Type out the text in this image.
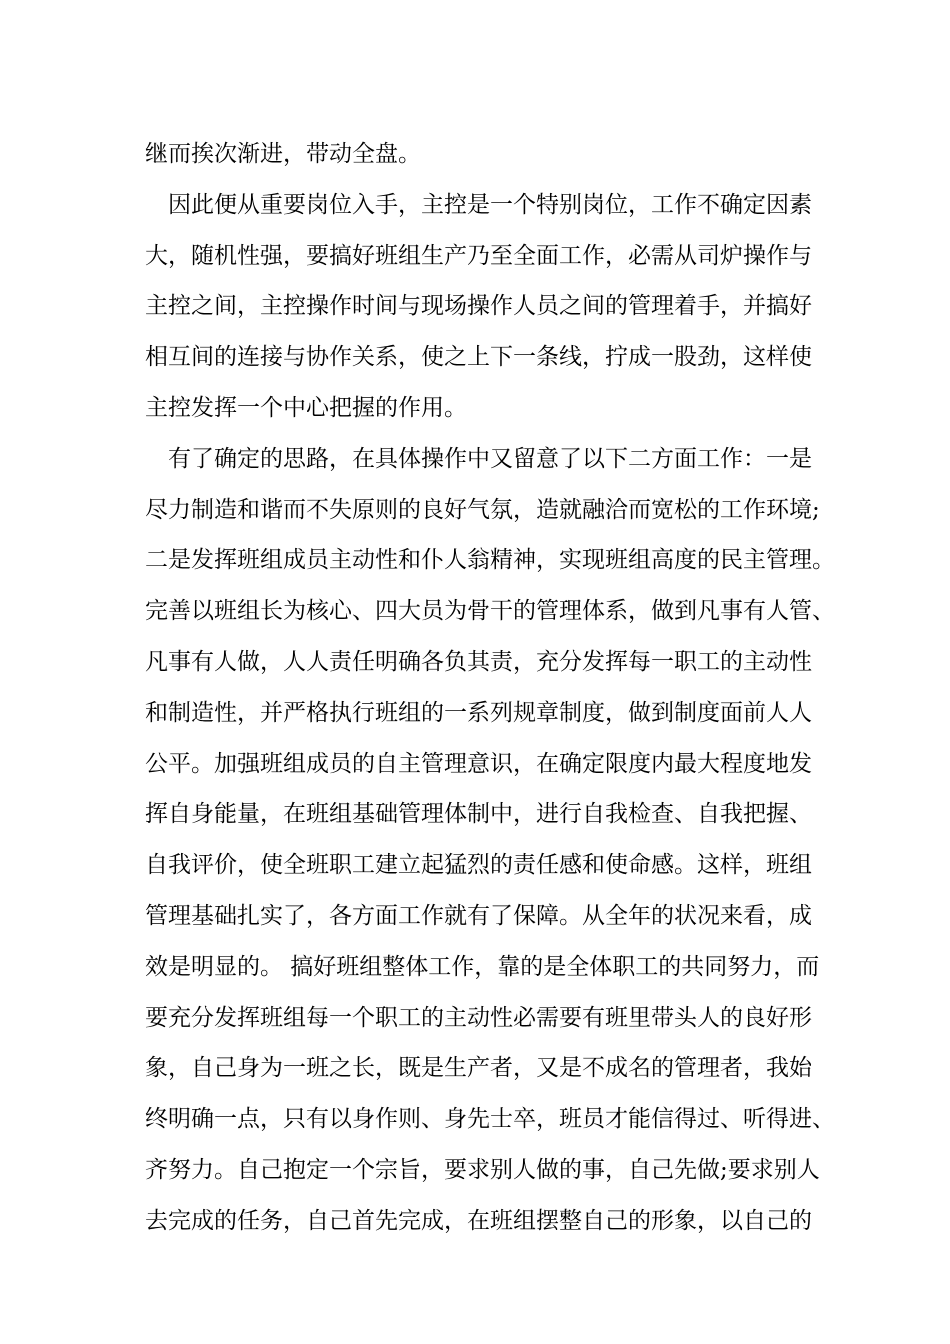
继而挨次渐进，带动全盘。
因此便从重要岗位入手，主控是一个特别岗位，工作不确定因素
大，随机性强，要搞好班组生产乃至全面工作，必需从司炉操作与
主控之间，主控操作时间与现场操作人员之间的管理着手，并搞好
相互间的连接与协作关系，使之上下一条线，拧成一股劲，这样使
主控发挥一个中心把握的作用。
有了确定的思路，在具体操作中又留意了以下二方面工作：一是
尽力制造和谐而不失原则的良好气氛，造就融洽而宽松的工作环境;
二是发挥班组成员主动性和仆人翁精神，实现班组高度的民主管理。
完善以班组长为核心、四大员为骨干的管理体系，做到凡事有人管、
凡事有人做，人人责任明确各负其责，充分发挥每一职工的主动性
和制造性，并严格执行班组的一系列规章制度，做到制度面前人人
公平。加强班组成员的自主管理意识，在确定限度内最大程度地发
挥自身能量，在班组基础管理体制中，进行自我检查、自我把握、
自我评价，使全班职工建立起猛烈的责任感和使命感。这样，班组
管理基础扎实了，各方面工作就有了保障。从全年的状况来看，成
效是明显的。 搞好班组整体工作，靠的是全体职工的共同努力，而
要充分发挥班组每一个职工的主动性必需要有班里带头人的良好形
象，自己身为一班之长，既是生产者，又是不成名的管理者，我始
终明确一点，只有以身作则、身先士卒，班员才能信得过、听得进、
齐努力。自己抱定一个宗旨，要求别人做的事，自己先做;要求别人
去完成的任务，自己首先完成，在班组摆整自己的形象，以自己的
